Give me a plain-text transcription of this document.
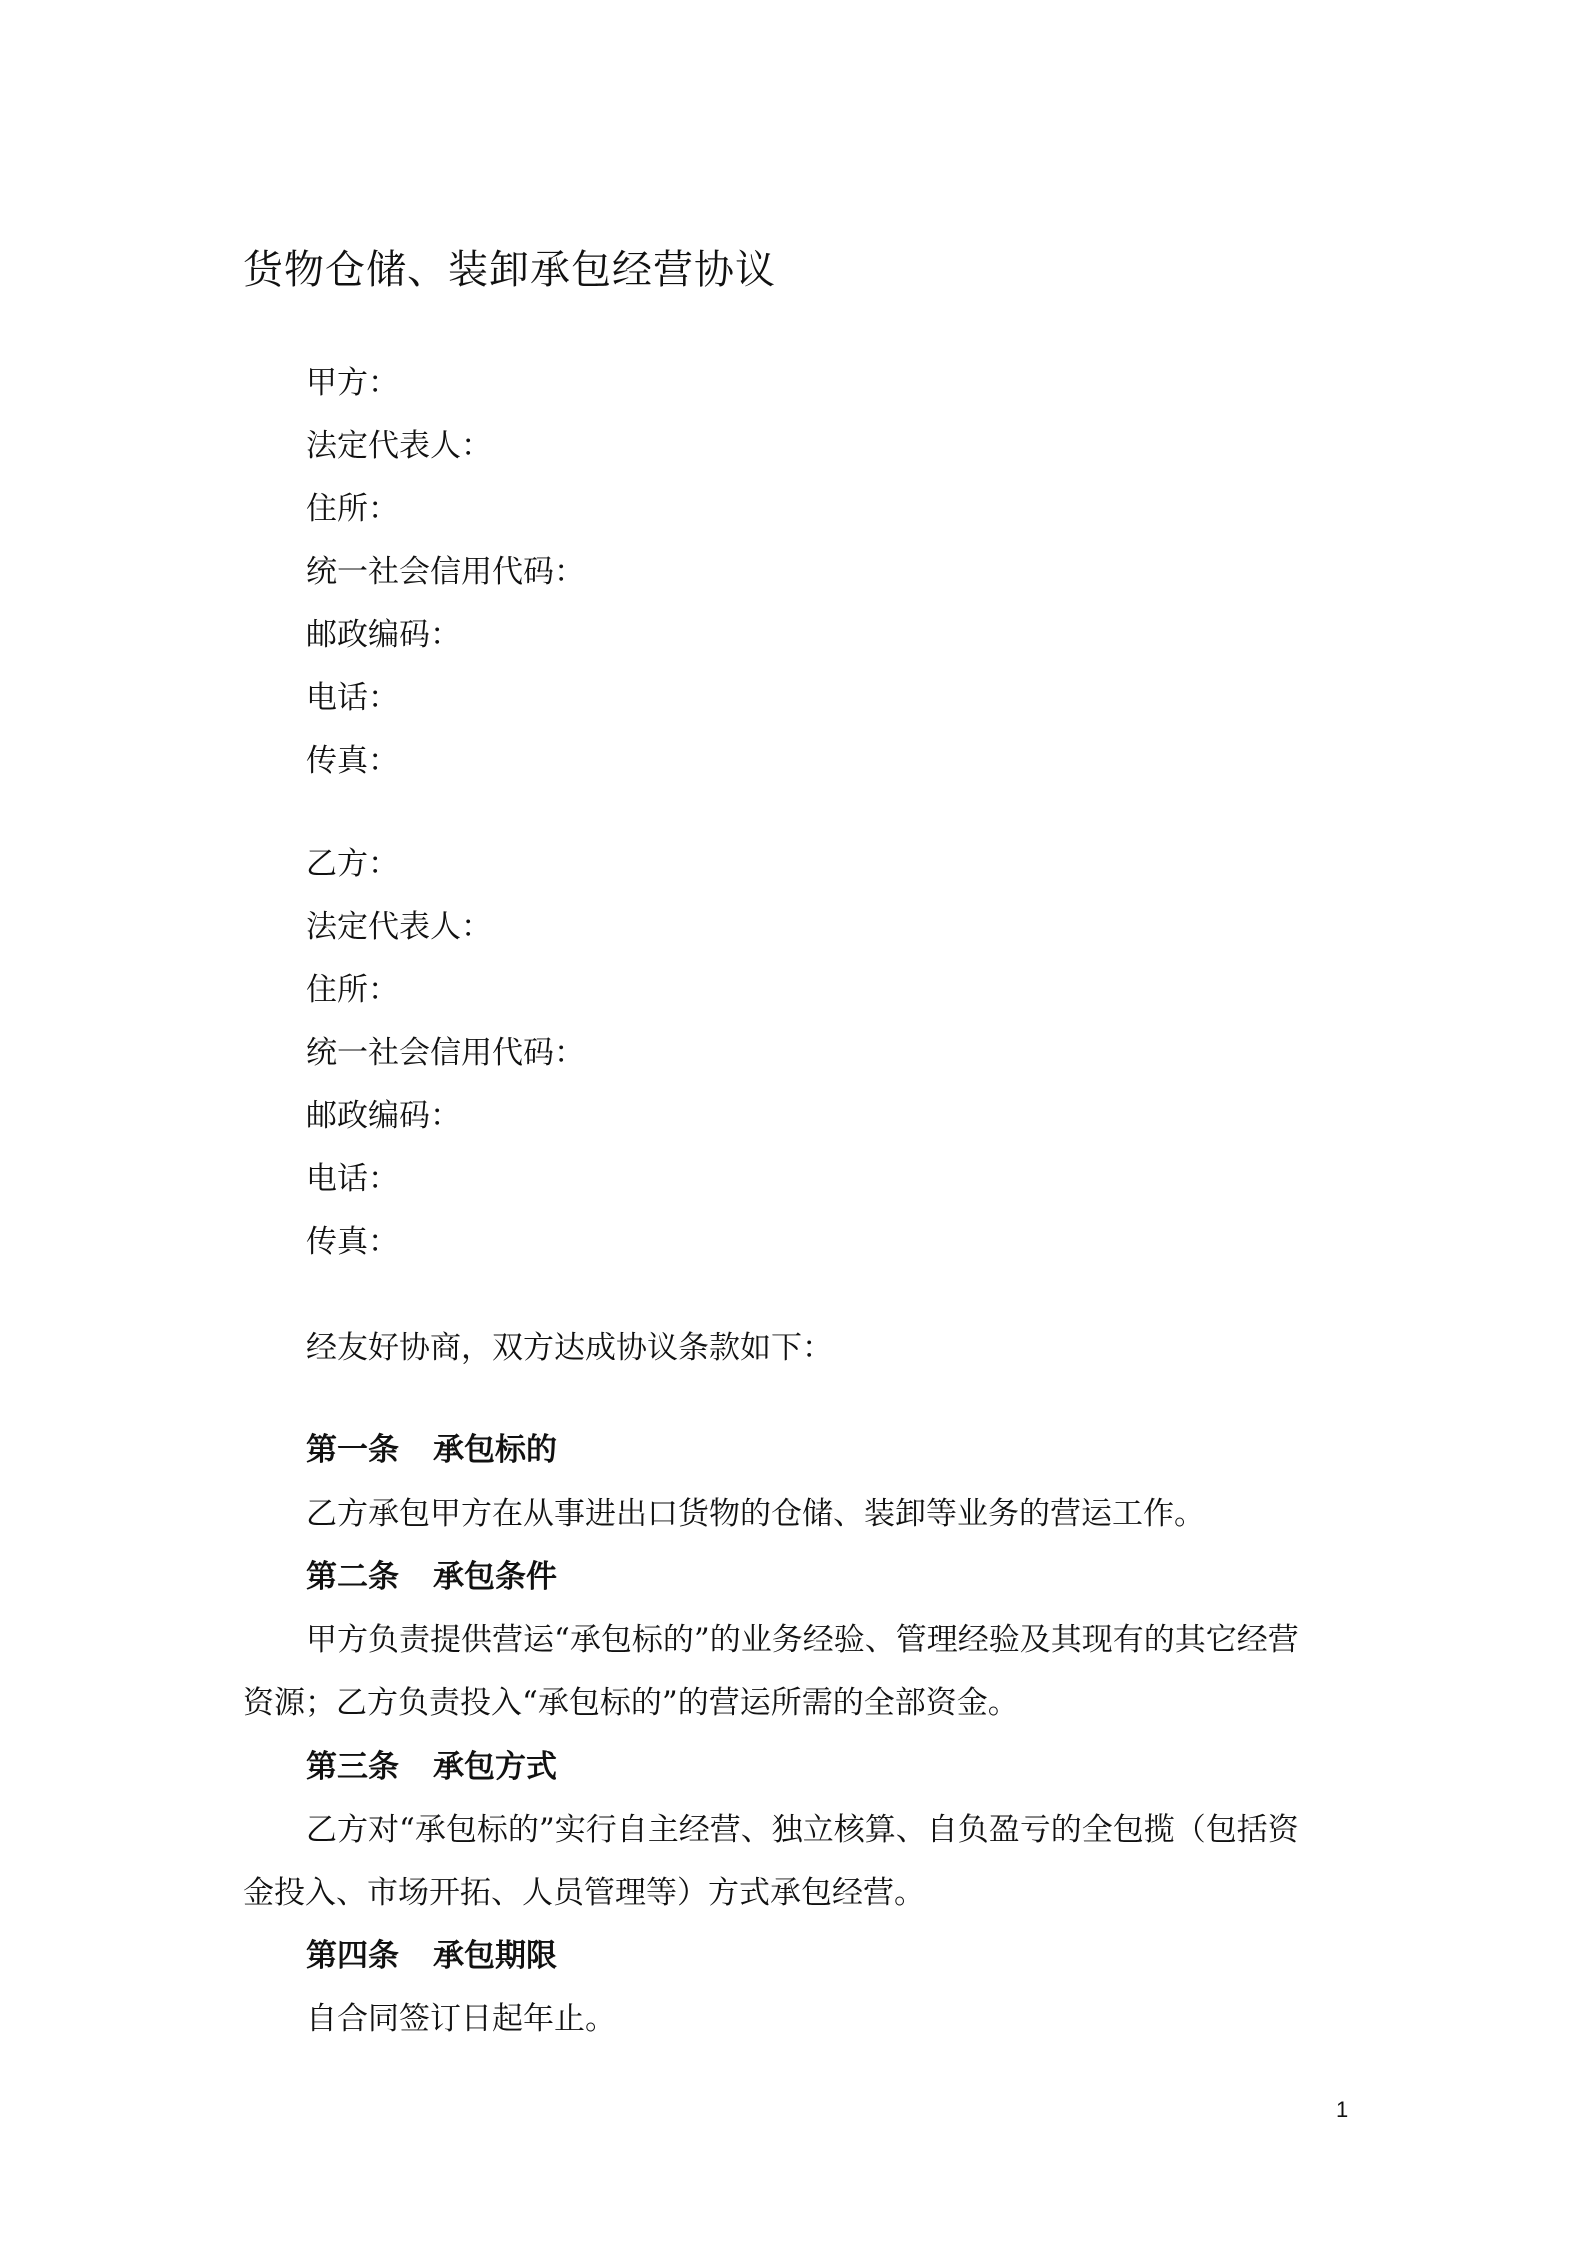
货物仓储、装卸承包经营协议
甲方：
法定代表人：
住所：
统一社会信用代码：
邮政编码：
电话：
传真：
乙方：
法定代表人：
住所：
统一社会信用代码：
邮政编码：
电话：
传真：
经友好协商，双方达成协议条款如下：
第一条 承包标的
乙方承包甲方在从事进出口货物的仓储、装卸等业务的营运工作。
第二条 承包条件
甲方负责提供营运“承包标的”的业务经验、管理经验及其现有的其它经营
资源；乙方负责投入“承包标的”的营运所需的全部资金。
第三条 承包方式
乙方对“承包标的”实行自主经营、独立核算、自负盈亏的全包揽（包括资
金投入、市场开拓、人员管理等）方式承包经营。
第四条 承包期限
自合同签订日起年止。
1
